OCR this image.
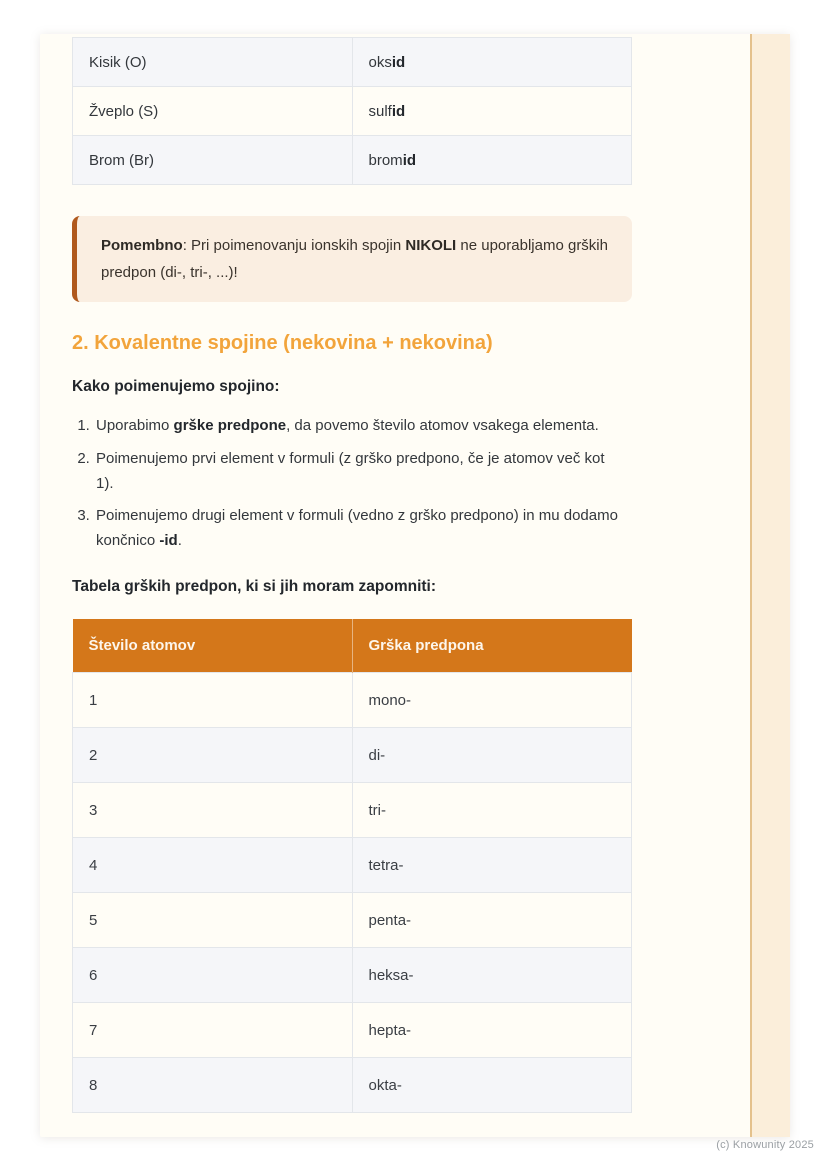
Kisik (O)	oksid
Žveplo (S)	sulfid
Brom (Br)	bromid
Pomembno: Pri poimenovanju ionskih spojin NIKOLI ne uporabljamo grških predpon (di-, tri-, ...)!
2. Kovalentne spojine (nekovina + nekovina)
Kako poimenujemo spojino:
1. Uporabimo grške predpone, da povemo število atomov vsakega elementa.
2. Poimenujemo prvi element v formuli (z grško predpono, če je atomov več kot 1).
3. Poimenujemo drugi element v formuli (vedno z grško predpono) in mu dodamo končnico -id.
Tabela grških predpon, ki si jih moram zapomniti:
Število atomov	Grška predpona
1	mono-
2	di-
3	tri-
4	tetra-
5	penta-
6	heksa-
7	hepta-
8	okta-
(c) Knowunity 2025
